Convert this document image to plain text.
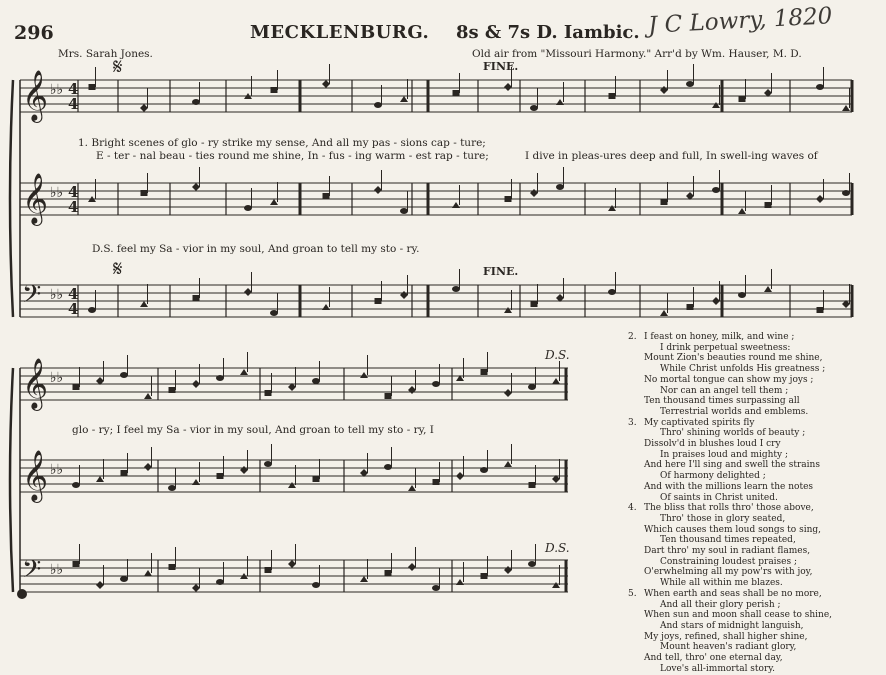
296	MECKLENBURG. 8s & 7s D. Iambic. J C Lowry, 1820
Mrs. Sarah Jones.	Old air from "Missouri Harmony." Arr'd by Wm. Hauser, M. D.
𝄞 ♭♭ 4
4
𝄞 ♭♭ 4
4
𝄢 ♭♭ 4
4
𝄞 ♭♭
𝄞 ♭♭
𝄢 ♭♭
FINE.
FINE.
D.S.
D.S.
𝄋
𝄋
1. Bright scenes of glo - ry strike my sense, And all my pas - sions cap - ture;
E - ter - nal beau - ties round me shine, In - fus - ing warm - est rap - ture;	I dive in pleas-ures deep and full, In swell-ing waves of
D.S. feel my Sa - vior in my soul, And groan to tell my sto - ry.
glo - ry; I feel my Sa - vior in my soul, And groan to tell my sto - ry, I
2. I feast on honey, milk, and wine ;
I drink perpetual sweetness:
Mount Zion's beauties round me shine,
While Christ unfolds His greatness ;
No mortal tongue can show my joys ;
Nor can an angel tell them ;
Ten thousand times surpassing all
Terrestrial worlds and emblems.
3. My captivated spirits fly
Thro' shining worlds of beauty ;
Dissolv'd in blushes loud I cry
In praises loud and mighty ;
And here I'll sing and swell the strains
Of harmony delighted ;
And with the millions learn the notes
Of saints in Christ united.
4. The bliss that rolls thro' those above,
Thro' those in glory seated,
Which causes them loud songs to sing,
Ten thousand times repeated,
Dart thro' my soul in radiant flames,
Constraining loudest praises ;
O'erwhelming all my pow'rs with joy,
While all within me blazes.
5. When earth and seas shall be no more,
And all their glory perish ;
When sun and moon shall cease to shine,
And stars of midnight languish,
My joys, refined, shall higher shine,
Mount heaven's radiant glory,
And tell, thro' one eternal day,
Love's all-immortal story.
